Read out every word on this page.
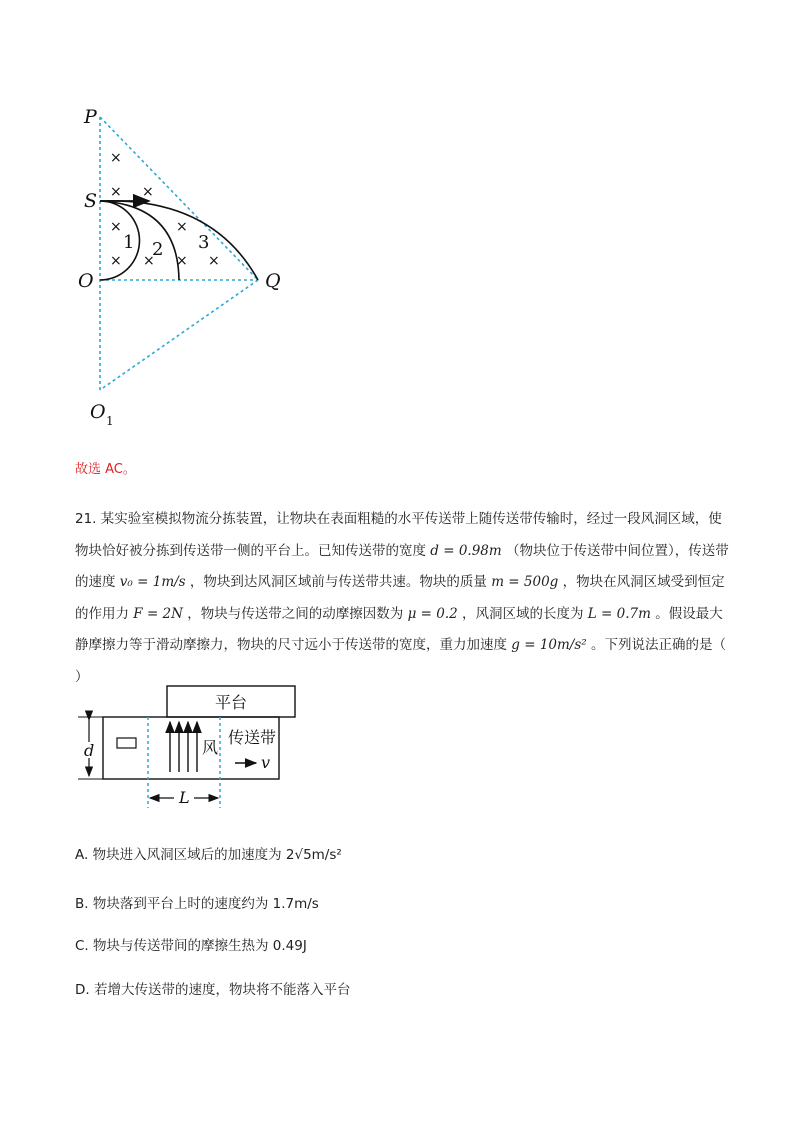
×
× ×
×	×
× × × ×
1 2 3
P
S
O	Q
O 1
故选 AC。
21. 某实验室模拟物流分拣装置，让物块在表面粗糙的水平传送带上随传送带传输时，经过一段风洞区域，使物块恰好被分拣到传送带一侧的平台上。已知传送带的宽度 d = 0.98m （物块位于传送带中间位置），传送带的速度 v₀ = 1m/s ，物块到达风洞区域前与传送带共速。物块的质量 m = 500g ，物块在风洞区域受到恒定的作用力 F = 2N ，物块与传送带之间的动摩擦因数为 μ = 0.2 ，风洞区域的长度为 L = 0.7m 。假设最大静摩擦力等于滑动摩擦力，物块的尺寸远小于传送带的宽度，重力加速度 g = 10m/s² 。下列说法正确的是（ ）
平台
风
传送带
v
d
L
A. 物块进入风洞区域后的加速度为 2√5m/s²
B. 物块落到平台上时的速度约为 1.7m/s
C. 物块与传送带间的摩擦生热为 0.49J
D. 若增大传送带的速度，物块将不能落入平台
